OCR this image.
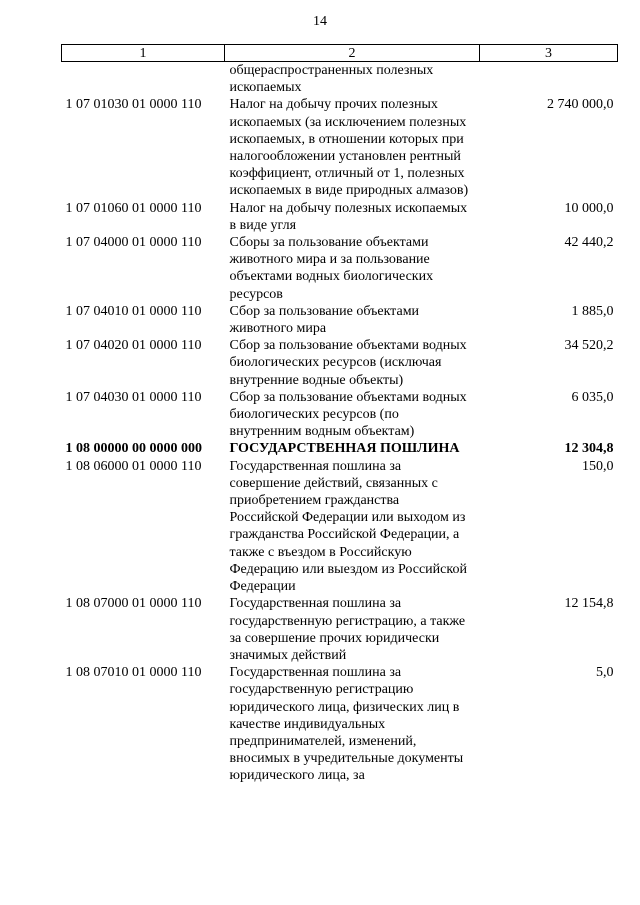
14
1	2	3
	общераспространенных полезных ископаемых	
1 07 01030 01 0000 110	Налог на добычу прочих полезных ископаемых (за исключением полезных ископаемых, в отношении которых при налогообложении установлен рентный коэффициент, отличный от 1, полезных ископаемых в виде природных алмазов)	2 740 000,0
1 07 01060 01 0000 110	Налог на добычу полезных ископаемых в виде угля	10 000,0
1 07 04000 01 0000 110	Сборы за пользование объектами животного мира и за пользование объектами водных биологических ресурсов	42 440,2
1 07 04010 01 0000 110	Сбор за пользование объектами животного мира	1 885,0
1 07 04020 01 0000 110	Сбор за пользование объектами водных биологических ресурсов (исключая внутренние водные объекты)	34 520,2
1 07 04030 01 0000 110	Сбор за пользование объектами водных биологических ресурсов (по внутренним водным объектам)	6 035,0
1 08 00000 00 0000 000	ГОСУДАРСТВЕННАЯ ПОШЛИНА	12 304,8
1 08 06000 01 0000 110	Государственная пошлина за совершение действий, связанных с приобретением гражданства Российской Федерации или выходом из гражданства Российской Федерации, а также с въездом в Российскую Федерацию или выездом из Российской Федерации	150,0
1 08 07000 01 0000 110	Государственная пошлина за государственную регистрацию, а также за совершение прочих юридически значимых действий	12 154,8
1 08 07010 01 0000 110	Государственная пошлина за государственную регистрацию юридического лица, физических лиц в качестве индивидуальных предпринимателей, изменений, вносимых в учредительные документы юридического лица, за	5,0
